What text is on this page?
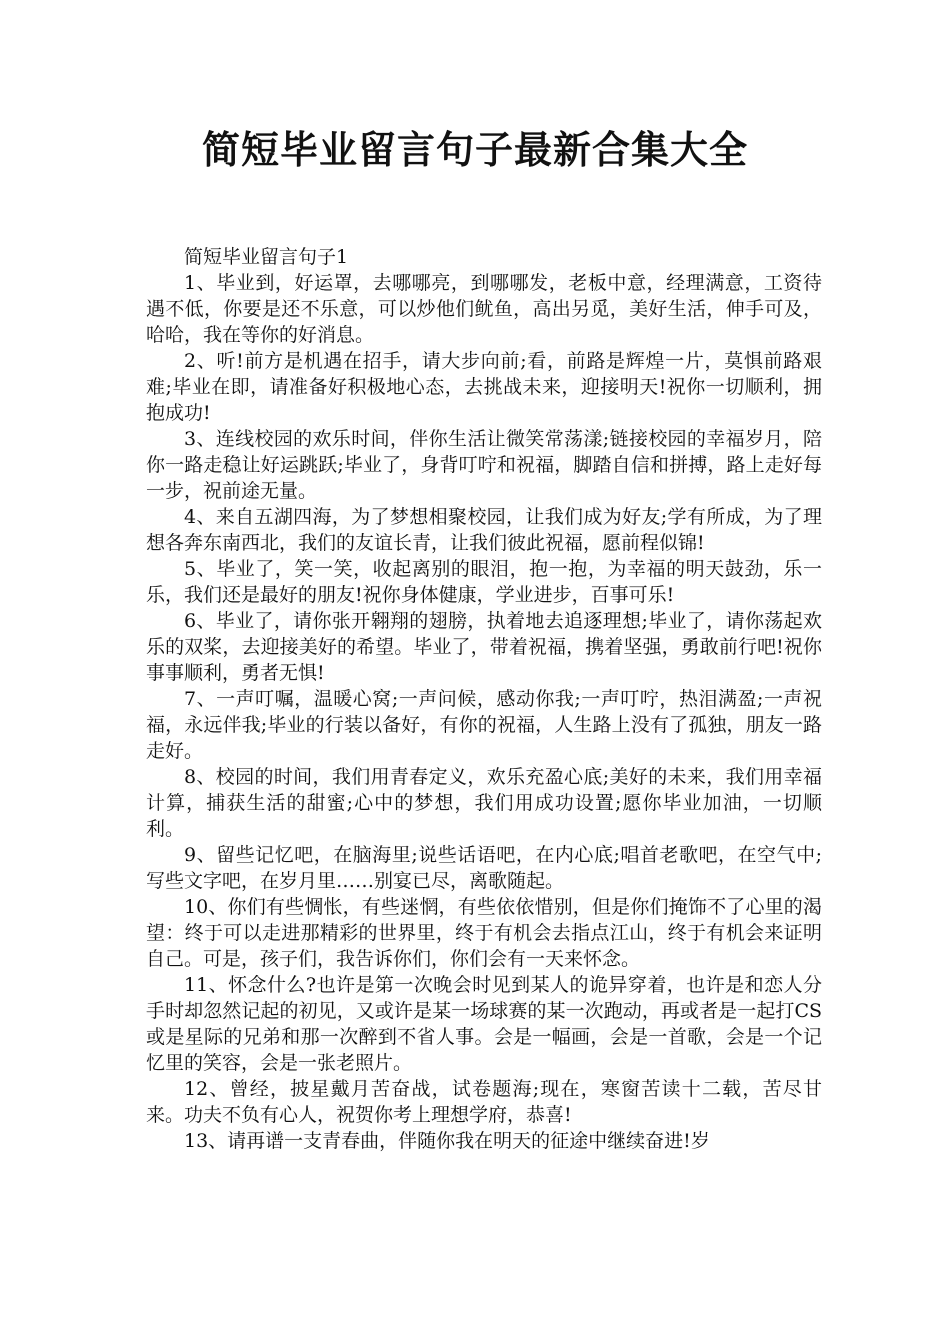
简短毕业留言句子最新合集大全

简短毕业留言句子1

1、毕业到，好运罩，去哪哪亮，到哪哪发，老板中意，经理满意，工资待遇不低，你要是还不乐意，可以炒他们鱿鱼，高出另觅，美好生活，伸手可及，哈哈，我在等你的好消息。

2、听!前方是机遇在招手，请大步向前;看，前路是辉煌一片，莫惧前路艰难;毕业在即，请准备好积极地心态，去挑战未来，迎接明天!祝你一切顺利，拥抱成功!

3、连线校园的欢乐时间，伴你生活让微笑常荡漾;链接校园的幸福岁月，陪你一路走稳让好运跳跃;毕业了，身背叮咛和祝福，脚踏自信和拼搏，路上走好每一步，祝前途无量。

4、来自五湖四海，为了梦想相聚校园，让我们成为好友;学有所成，为了理想各奔东南西北，我们的友谊长青，让我们彼此祝福，愿前程似锦!

5、毕业了，笑一笑，收起离别的眼泪，抱一抱，为幸福的明天鼓劲，乐一乐，我们还是最好的朋友!祝你身体健康，学业进步，百事可乐!

6、毕业了，请你张开翱翔的翅膀，执着地去追逐理想;毕业了，请你荡起欢乐的双桨，去迎接美好的希望。毕业了，带着祝福，携着坚强，勇敢前行吧!祝你事事顺利，勇者无惧!

7、一声叮嘱，温暖心窝;一声问候，感动你我;一声叮咛，热泪满盈;一声祝福，永远伴我;毕业的行装以备好，有你的祝福，人生路上没有了孤独，朋友一路走好。

8、校园的时间，我们用青春定义，欢乐充盈心底;美好的未来，我们用幸福计算，捕获生活的甜蜜;心中的梦想，我们用成功设置;愿你毕业加油，一切顺利。

9、留些记忆吧，在脑海里;说些话语吧，在内心底;唱首老歌吧，在空气中;写些文字吧，在岁月里……别宴已尽，离歌随起。

10、你们有些惆怅，有些迷惘，有些依依惜别，但是你们掩饰不了心里的渴望：终于可以走进那精彩的世界里，终于有机会去指点江山，终于有机会来证明自己。可是，孩子们，我告诉你们，你们会有一天来怀念。

11、怀念什么?也许是第一次晚会时见到某人的诡异穿着，也许是和恋人分手时却忽然记起的初见，又或许是某一场球赛的某一次跑动，再或者是一起打CS或是星际的兄弟和那一次醉到不省人事。会是一幅画，会是一首歌，会是一个记忆里的笑容，会是一张老照片。

12、曾经，披星戴月苦奋战，试卷题海;现在，寒窗苦读十二载，苦尽甘来。功夫不负有心人，祝贺你考上理想学府，恭喜!

13、请再谱一支青春曲，伴随你我在明天的征途中继续奋进!岁
